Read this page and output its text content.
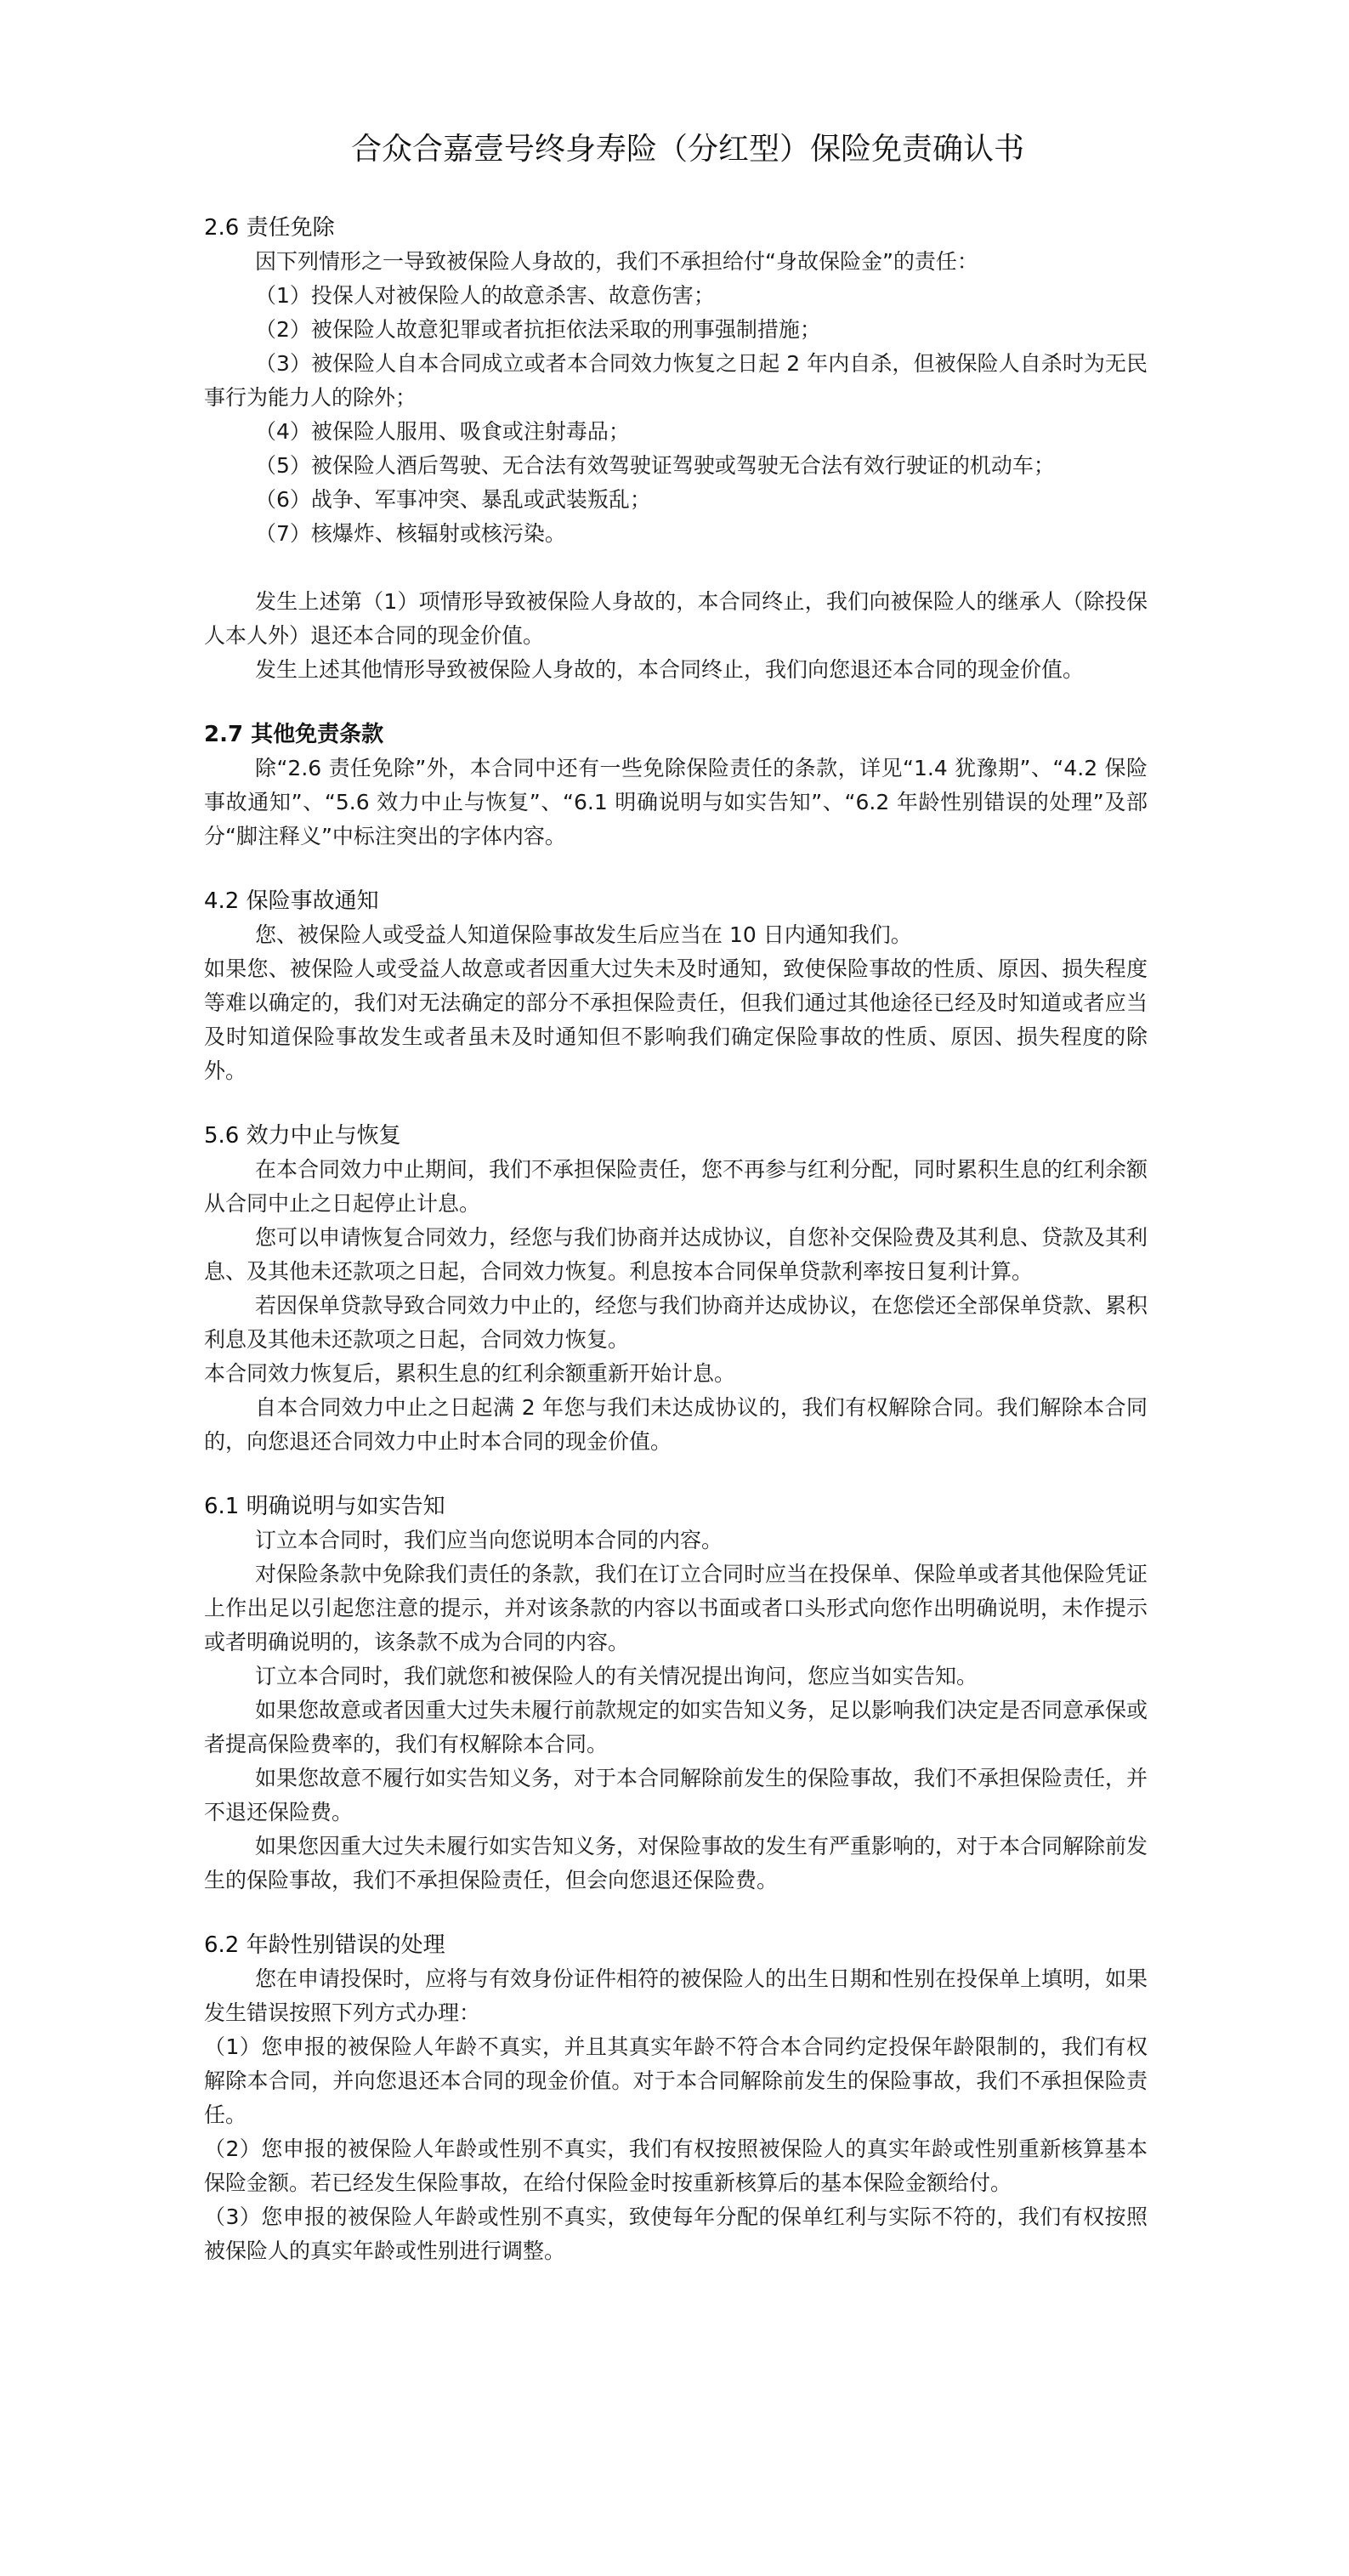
合众合嘉壹号终身寿险（分红型）保险免责确认书

2.6 责任免除

因下列情形之一导致被保险人身故的，我们不承担给付“身故保险金”的责任：

（1）投保人对被保险人的故意杀害、故意伤害；

（2）被保险人故意犯罪或者抗拒依法采取的刑事强制措施；

（3）被保险人自本合同成立或者本合同效力恢复之日起 2 年内自杀，但被保险人自杀时为无民事行为能力人的除外；

（4）被保险人服用、吸食或注射毒品；

（5）被保险人酒后驾驶、无合法有效驾驶证驾驶或驾驶无合法有效行驶证的机动车；

（6）战争、军事冲突、暴乱或武装叛乱；

（7）核爆炸、核辐射或核污染。

发生上述第（1）项情形导致被保险人身故的，本合同终止，我们向被保险人的继承人（除投保人本人外）退还本合同的现金价值。

发生上述其他情形导致被保险人身故的，本合同终止，我们向您退还本合同的现金价值。

2.7 其他免责条款

除“2.6 责任免除”外，本合同中还有一些免除保险责任的条款，详见“1.4 犹豫期”、“4.2 保险事故通知”、“5.6 效力中止与恢复”、“6.1 明确说明与如实告知”、“6.2 年龄性别错误的处理”及部分“脚注释义”中标注突出的字体内容。

4.2 保险事故通知

您、被保险人或受益人知道保险事故发生后应当在 10 日内通知我们。

如果您、被保险人或受益人故意或者因重大过失未及时通知，致使保险事故的性质、原因、损失程度等难以确定的，我们对无法确定的部分不承担保险责任，但我们通过其他途径已经及时知道或者应当及时知道保险事故发生或者虽未及时通知但不影响我们确定保险事故的性质、原因、损失程度的除外。

5.6 效力中止与恢复

在本合同效力中止期间，我们不承担保险责任，您不再参与红利分配，同时累积生息的红利余额从合同中止之日起停止计息。

您可以申请恢复合同效力，经您与我们协商并达成协议，自您补交保险费及其利息、贷款及其利息、及其他未还款项之日起，合同效力恢复。利息按本合同保单贷款利率按日复利计算。

若因保单贷款导致合同效力中止的，经您与我们协商并达成协议，在您偿还全部保单贷款、累积利息及其他未还款项之日起，合同效力恢复。

本合同效力恢复后，累积生息的红利余额重新开始计息。

自本合同效力中止之日起满 2 年您与我们未达成协议的，我们有权解除合同。我们解除本合同的，向您退还合同效力中止时本合同的现金价值。

6.1 明确说明与如实告知

订立本合同时，我们应当向您说明本合同的内容。

对保险条款中免除我们责任的条款，我们在订立合同时应当在投保单、保险单或者其他保险凭证上作出足以引起您注意的提示，并对该条款的内容以书面或者口头形式向您作出明确说明，未作提示或者明确说明的，该条款不成为合同的内容。

订立本合同时，我们就您和被保险人的有关情况提出询问，您应当如实告知。

如果您故意或者因重大过失未履行前款规定的如实告知义务，足以影响我们决定是否同意承保或者提高保险费率的，我们有权解除本合同。

如果您故意不履行如实告知义务，对于本合同解除前发生的保险事故，我们不承担保险责任，并不退还保险费。

如果您因重大过失未履行如实告知义务，对保险事故的发生有严重影响的，对于本合同解除前发生的保险事故，我们不承担保险责任，但会向您退还保险费。

6.2 年龄性别错误的处理

您在申请投保时，应将与有效身份证件相符的被保险人的出生日期和性别在投保单上填明，如果发生错误按照下列方式办理：

（1）您申报的被保险人年龄不真实，并且其真实年龄不符合本合同约定投保年龄限制的，我们有权解除本合同，并向您退还本合同的现金价值。对于本合同解除前发生的保险事故，我们不承担保险责任。

（2）您申报的被保险人年龄或性别不真实，我们有权按照被保险人的真实年龄或性别重新核算基本保险金额。若已经发生保险事故，在给付保险金时按重新核算后的基本保险金额给付。

（3）您申报的被保险人年龄或性别不真实，致使每年分配的保单红利与实际不符的，我们有权按照被保险人的真实年龄或性别进行调整。
